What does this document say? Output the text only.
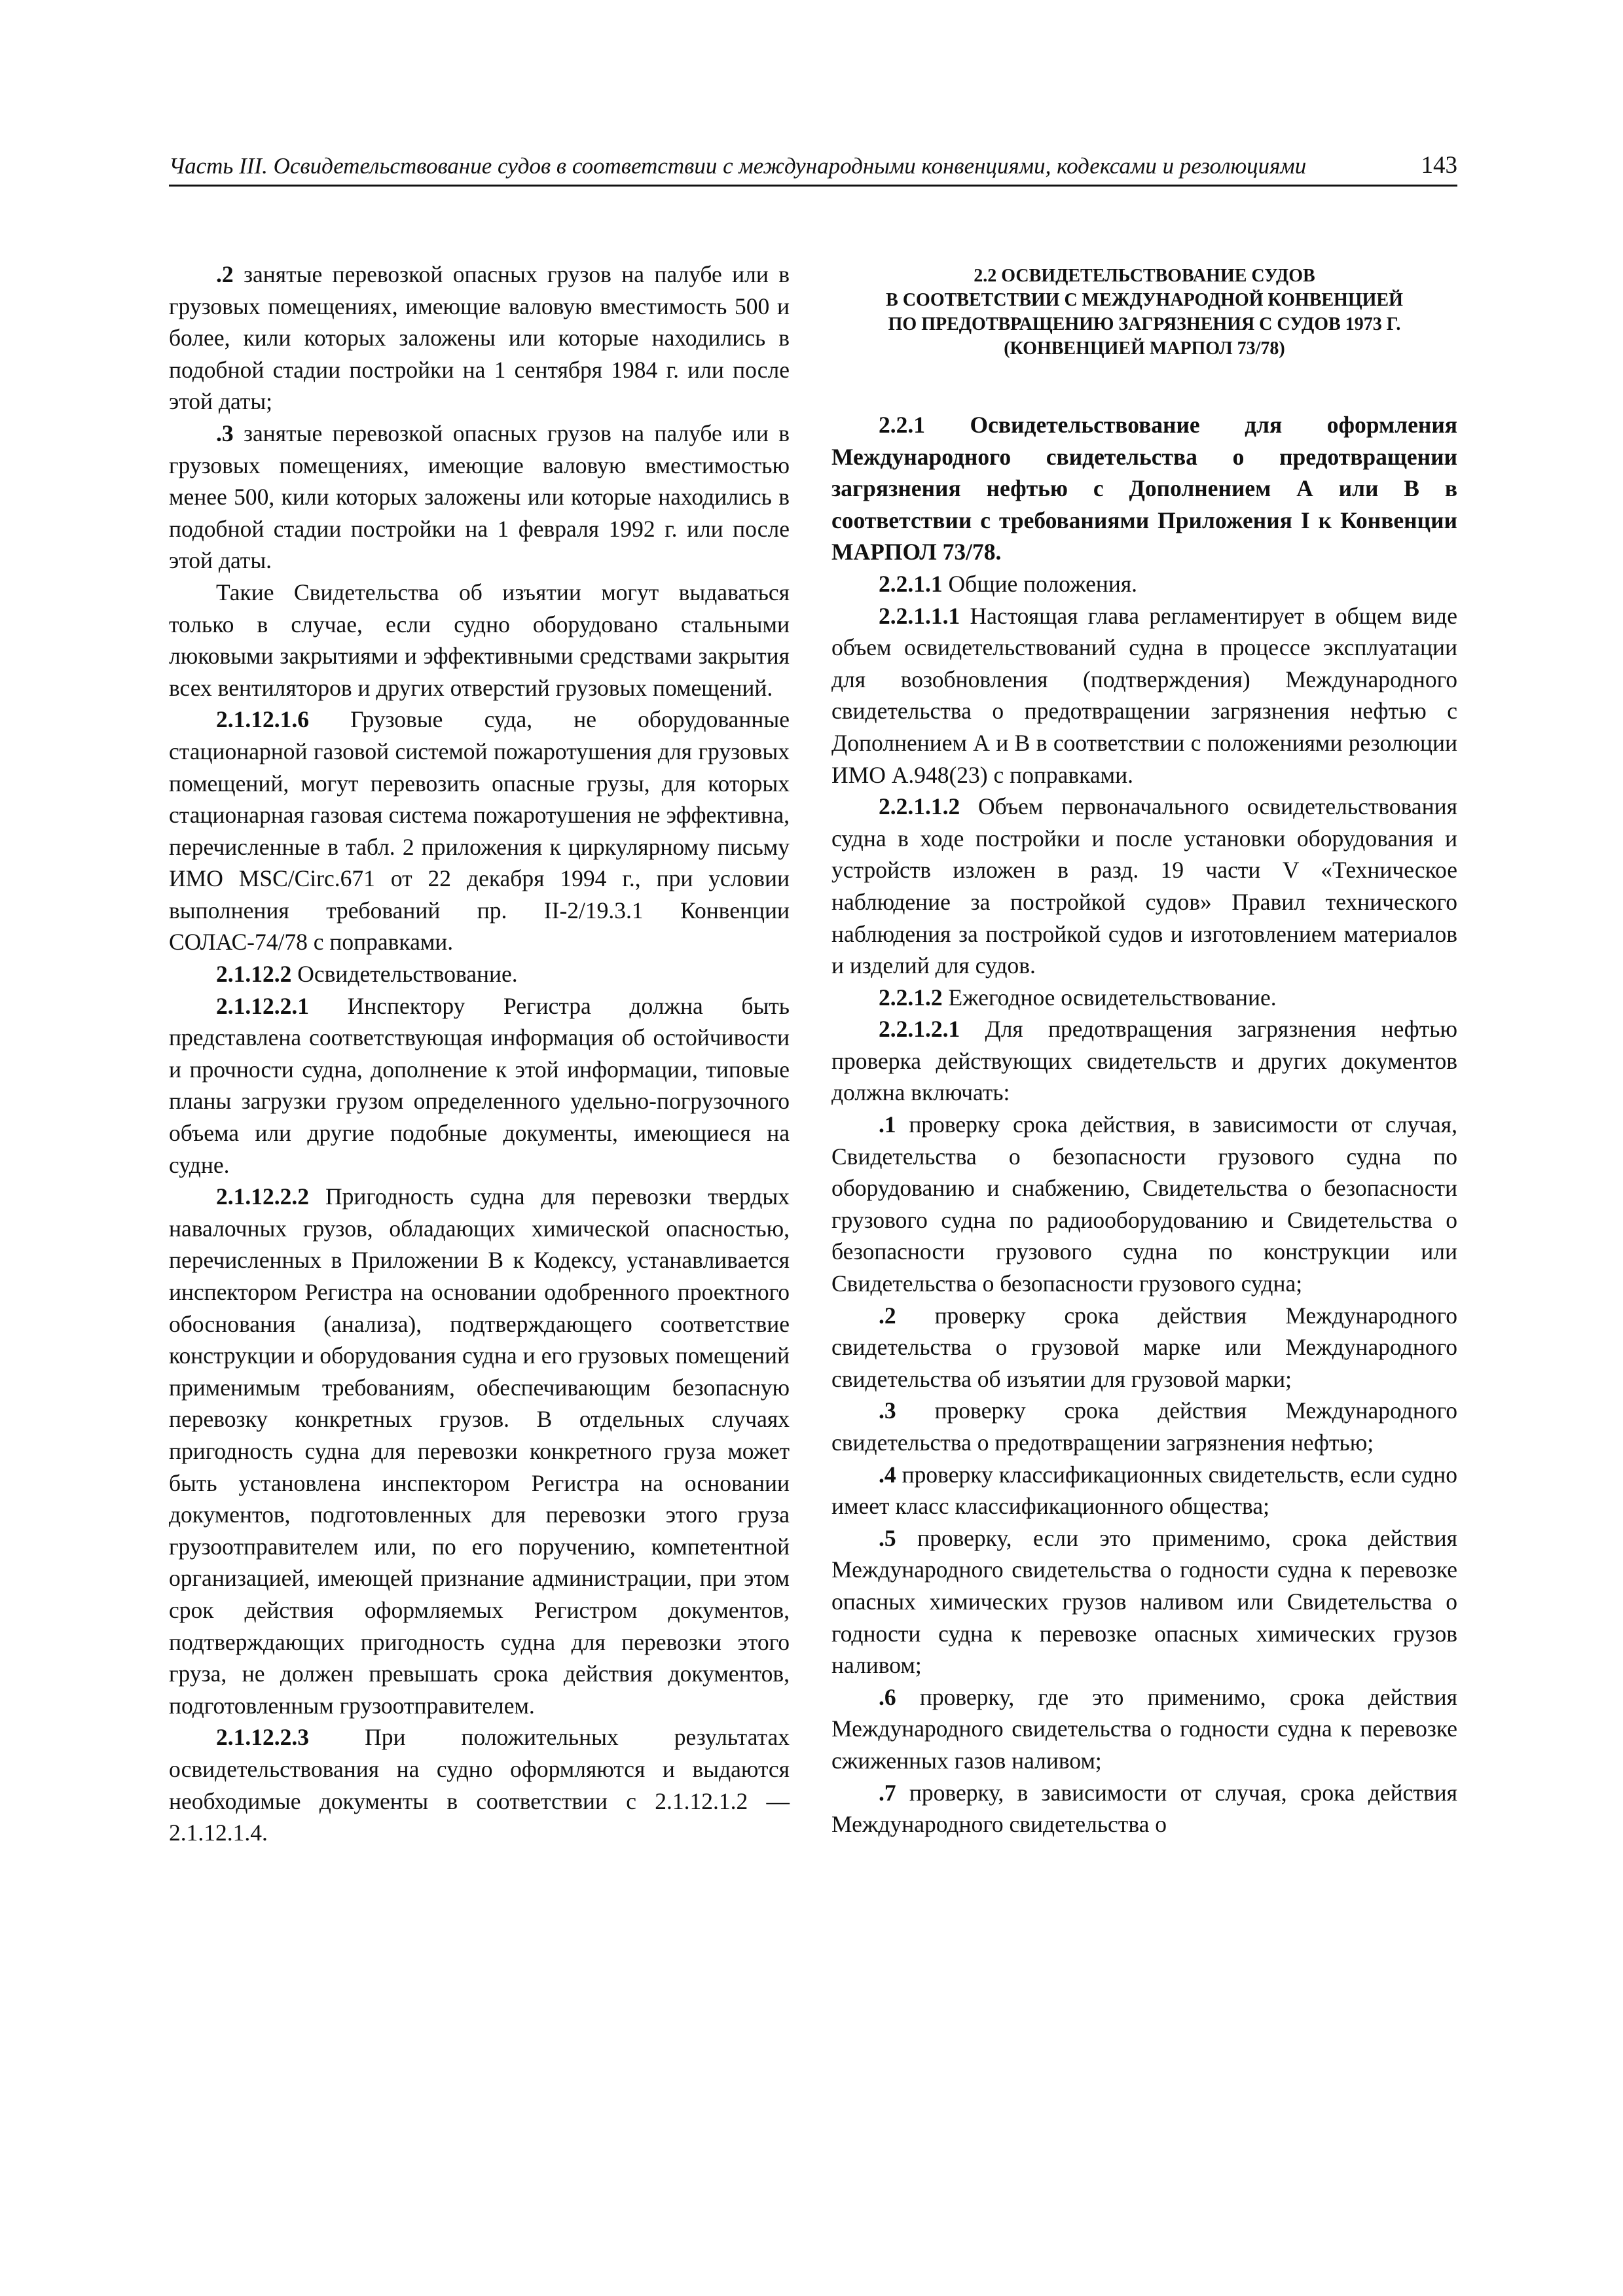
Часть III. Освидетельствование судов в соответствии с международными конвенциями, кодексами и резолюциями	143

.2 занятые перевозкой опасных грузов на палубе или в грузовых помещениях, имеющие валовую вместимость 500 и более, кили которых заложены или которые находились в подобной стадии постройки на 1 сентября 1984 г. или после этой даты;

.3 занятые перевозкой опасных грузов на палубе или в грузовых помещениях, имеющие валовую вместимостью менее 500, кили которых заложены или которые находились в подобной стадии постройки на 1 февраля 1992 г. или после этой даты.

Такие Свидетельства об изъятии могут выдаваться только в случае, если судно оборудовано стальными люковыми закрытиями и эффективными средствами закрытия всех вентиляторов и других отверстий грузовых помещений.

2.1.12.1.6 Грузовые суда, не оборудованные стационарной газовой системой пожаротушения для грузовых помещений, могут перевозить опасные грузы, для которых стационарная газовая система пожаротушения не эффективна, перечисленные в табл. 2 приложения к циркулярному письму ИМО MSC/Circ.671 от 22 декабря 1994 г., при условии выполнения требований пр. II-2/19.3.1 Конвенции СОЛАС-74/78 с поправками.

2.1.12.2 Освидетельствование.

2.1.12.2.1 Инспектору Регистра должна быть представлена соответствующая информация об остойчивости и прочности судна, дополнение к этой информации, типовые планы загрузки грузом определенного удельно-погрузочного объема или другие подобные документы, имеющиеся на судне.

2.1.12.2.2 Пригодность судна для перевозки твердых навалочных грузов, обладающих химической опасностью, перечисленных в Приложении В к Кодексу, устанавливается инспектором Регистра на основании одобренного проектного обоснования (анализа), подтверждающего соответствие конструкции и оборудования судна и его грузовых помещений применимым требованиям, обеспечивающим безопасную перевозку конкретных грузов. В отдельных случаях пригодность судна для перевозки конкретного груза может быть установлена инспектором Регистра на основании документов, подготовленных для перевозки этого груза грузоотправителем или, по его поручению, компетентной организацией, имеющей признание администрации, при этом срок действия оформляемых Регистром документов, подтверждающих пригодность судна для перевозки этого груза, не должен превышать срока действия документов, подготовленным грузоотправителем.

2.1.12.2.3 При положительных результатах освидетельствования на судно оформляются и выдаются необходимые документы в соответствии с 2.1.12.1.2 — 2.1.12.1.4.

2.2 ОСВИДЕТЕЛЬСТВОВАНИЕ СУДОВ
В СООТВЕТСТВИИ С МЕЖДУНАРОДНОЙ КОНВЕНЦИЕЙ
ПО ПРЕДОТВРАЩЕНИЮ ЗАГРЯЗНЕНИЯ С СУДОВ 1973 Г.
(КОНВЕНЦИЕЙ МАРПОЛ 73/78)

2.2.1 Освидетельствование для оформления Международного свидетельства о предотвращении загрязнения нефтью с Дополнением А или В в соответствии с требованиями Приложения I к Конвенции МАРПОЛ 73/78.

2.2.1.1 Общие положения.

2.2.1.1.1 Настоящая глава регламентирует в общем виде объем освидетельствований судна в процессе эксплуатации для возобновления (подтверждения) Международного свидетельства о предотвращении загрязнения нефтью с Дополнением А и В в соответствии с положениями резолюции ИМО А.948(23) с поправками.

2.2.1.1.2 Объем первоначального освидетельствования судна в ходе постройки и после установки оборудования и устройств изложен в разд. 19 части V «Техническое наблюдение за постройкой судов» Правил технического наблюдения за постройкой судов и изготовлением материалов и изделий для судов.

2.2.1.2 Ежегодное освидетельствование.

2.2.1.2.1 Для предотвращения загрязнения нефтью проверка действующих свидетельств и других документов должна включать:

.1 проверку срока действия, в зависимости от случая, Свидетельства о безопасности грузового судна по оборудованию и снабжению, Свидетельства о безопасности грузового судна по радиооборудованию и Свидетельства о безопасности грузового судна по конструкции или Свидетельства о безопасности грузового судна;

.2 проверку срока действия Международного свидетельства о грузовой марке или Международного свидетельства об изъятии для грузовой марки;

.3 проверку срока действия Международного свидетельства о предотвращении загрязнения нефтью;

.4 проверку классификационных свидетельств, если судно имеет класс классификационного общества;

.5 проверку, если это применимо, срока действия Международного свидетельства о годности судна к перевозке опасных химических грузов наливом или Свидетельства о годности судна к перевозке опасных химических грузов наливом;

.6 проверку, где это применимо, срока действия Международного свидетельства о годности судна к перевозке сжиженных газов наливом;

.7 проверку, в зависимости от случая, срока действия Международного свидетельства о
